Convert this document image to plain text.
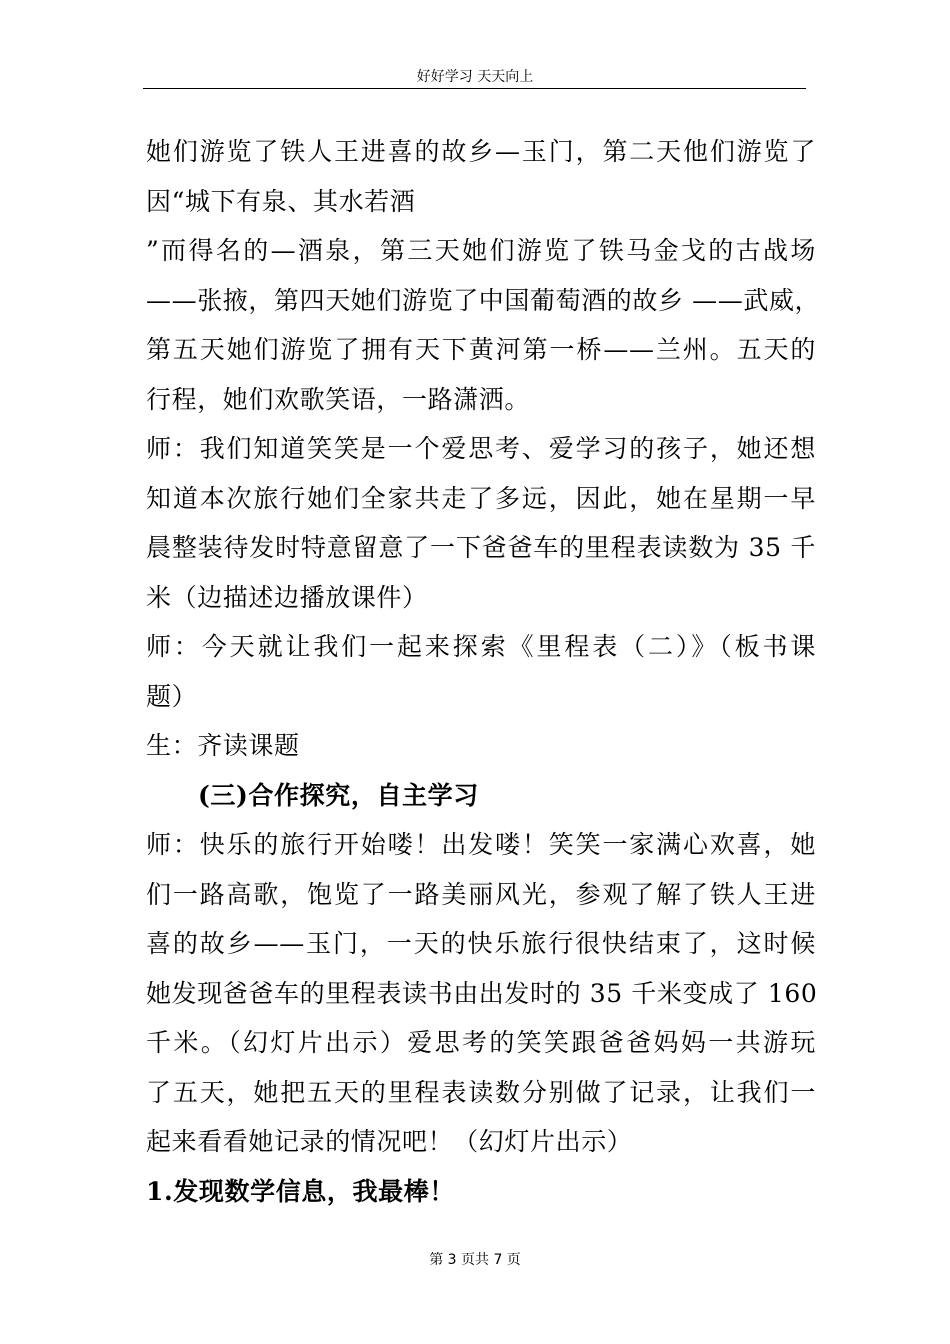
好好学习 天天向上
她们游览了铁人王进喜的故乡—玉门，第二天他们游览了
因“城下有泉、其水若酒
”而得名的—酒泉，第三天她们游览了铁马金戈的古战场
——张掖，第四天她们游览了中国葡萄酒的故乡 ——武威，
第五天她们游览了拥有天下黄河第一桥——兰州。五天的
行程，她们欢歌笑语，一路潇洒。
师：我们知道笑笑是一个爱思考、爱学习的孩子，她还想
知道本次旅行她们全家共走了多远，因此，她在星期一早
晨整装待发时特意留意了一下爸爸车的里程表读数为 35 千
米（边描述边播放课件）
师：今天就让我们一起来探索《里程表（二）》（板书课
题）
生：齐读课题
(三)合作探究，自主学习
师：快乐的旅行开始喽！出发喽！笑笑一家满心欢喜，她
们一路高歌，饱览了一路美丽风光，参观了解了铁人王进
喜的故乡——玉门，一天的快乐旅行很快结束了，这时候
她发现爸爸车的里程表读书由出发时的 35 千米变成了 160
千米。（幻灯片出示）爱思考的笑笑跟爸爸妈妈一共游玩
了五天，她把五天的里程表读数分别做了记录，让我们一
起来看看她记录的情况吧！（幻灯片出示）
1.发现数学信息，我最棒！
第 3 页共 7 页
